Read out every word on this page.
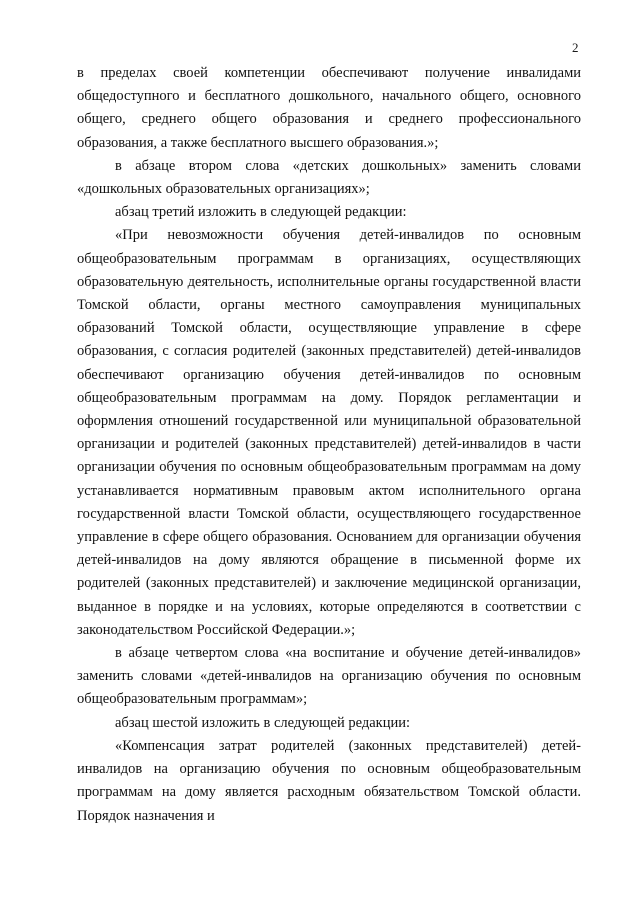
2

в пределах своей компетенции обеспечивают получение инвалидами общедоступного и бесплатного дошкольного, начального общего, основного общего, среднего общего образования и среднего профессионального образования, а также бесплатного высшего образования.»;

в абзаце втором слова «детских дошкольных» заменить словами «дошкольных образовательных организациях»;

абзац третий изложить в следующей редакции:

«При невозможности обучения детей-инвалидов по основным общеобразовательным программам в организациях, осуществляющих образовательную деятельность, исполнительные органы государственной власти Томской области, органы местного самоуправления муниципальных образований Томской области, осуществляющие управление в сфере образования, с согласия родителей (законных представителей) детей-инвалидов обеспечивают организацию обучения детей-инвалидов по основным общеобразовательным программам на дому. Порядок регламентации и оформления отношений государственной или муниципальной образовательной организации и родителей (законных представителей) детей-инвалидов в части организации обучения по основным общеобразовательным программам на дому устанавливается нормативным правовым актом исполнительного органа государственной власти Томской области, осуществляющего государственное управление в сфере общего образования. Основанием для организации обучения детей-инвалидов на дому являются обращение в письменной форме их родителей (законных представителей) и заключение медицинской организации, выданное в порядке и на условиях, которые определяются в соответствии с законодательством Российской Федерации.»;

в абзаце четвертом слова «на воспитание и обучение детей-инвалидов» заменить словами «детей-инвалидов на организацию обучения по основным общеобразовательным программам»;

абзац шестой изложить в следующей редакции:

«Компенсация затрат родителей (законных представителей) детей-инвалидов на организацию обучения по основным общеобразовательным программам на дому является расходным обязательством Томской области. Порядок назначения и
